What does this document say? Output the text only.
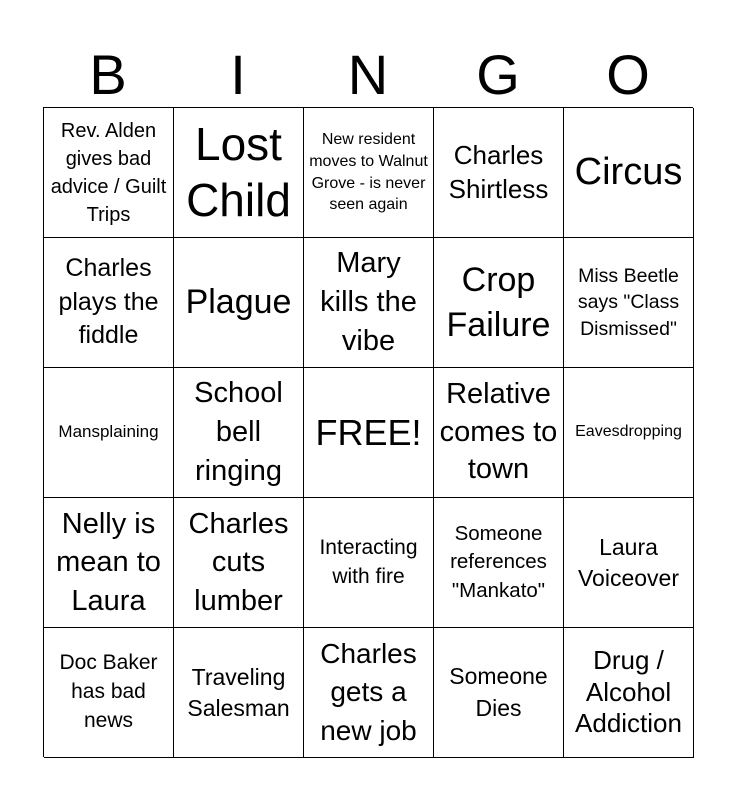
B	I	N	G	O
Rev. Alden gives bad advice / Guilt Trips
Lost Child
New resident moves to Walnut Grove - is never seen again
Charles Shirtless Circus
Charles plays the fiddle
Plague
Mary kills the vibe
Crop Failure
Miss Beetle says "Class Dismissed"
Mansplaining
School bell ringing
FREE!
Relative comes to town
Eavesdropping
Nelly is mean to Laura
Charles cuts lumber
Interacting with fire
Someone references "Mankato"
Laura Voiceover
Doc Baker has bad news
Traveling Salesman
Charles gets a new job
Someone Dies
Drug / Alcohol Addiction
